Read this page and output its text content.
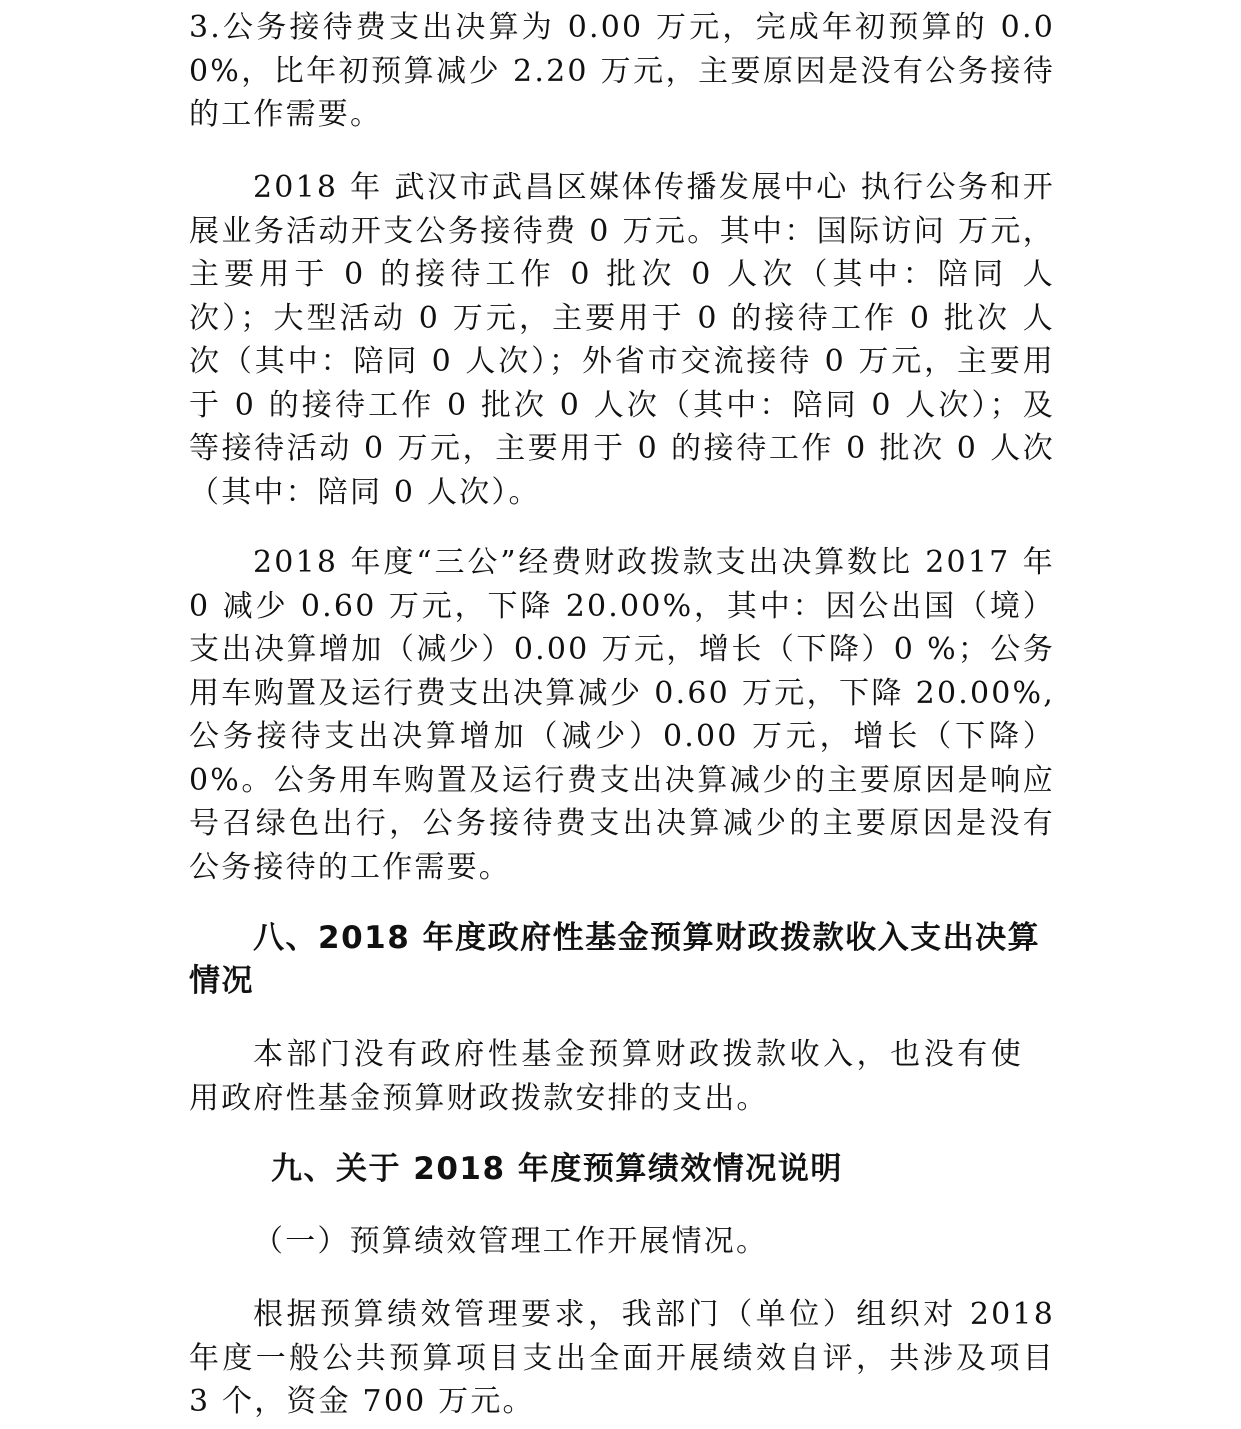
3.公务接待费支出决算为 0.00 万元，完成年初预算的 0.00%，比年初预算减少 2.20 万元，主要原因是没有公务接待的工作需要。

2018 年 武汉市武昌区媒体传播发展中心 执行公务和开展业务活动开支公务接待费 0 万元。其中：国际访问 万元，主要用于 0 的接待工作 0 批次 0 人次（其中：陪同 人次）；大型活动 0 万元，主要用于 0 的接待工作 0 批次 人次（其中：陪同 0 人次）；外省市交流接待 0 万元，主要用于 0 的接待工作 0 批次 0 人次（其中：陪同 0 人次）；及 等接待活动 0 万元，主要用于 0 的接待工作 0 批次 0 人次（其中：陪同 0 人次）。

2018 年度“三公”经费财政拨款支出决算数比 2017 年 0 减少 0.60 万元，下降 20.00%，其中：因公出国（境）支出决算增加（减少）0.00 万元，增长（下降）0 %；公务用车购置及运行费支出决算减少 0.60 万元，下降 20.00%,公务接待支出决算增加（减少）0.00 万元，增长（下降）0%。公务用车购置及运行费支出决算减少的主要原因是响应号召绿色出行，公务接待费支出决算减少的主要原因是没有公务接待的工作需要。

八、2018 年度政府性基金预算财政拨款收入支出决算情况

本部门没有政府性基金预算财政拨款收入，也没有使用政府性基金预算财政拨款安排的支出。

九、关于 2018 年度预算绩效情况说明

（一）预算绩效管理工作开展情况。

根据预算绩效管理要求，我部门（单位）组织对 2018 年度一般公共预算项目支出全面开展绩效自评，共涉及项目 3 个，资金 700 万元。
